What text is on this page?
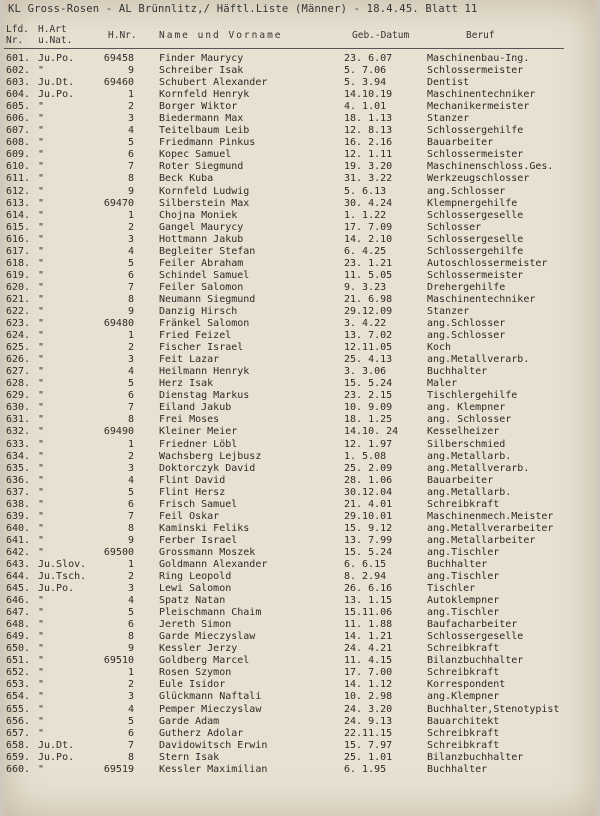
KL Gross-Rosen - AL Brünnlitz,/ Häftl.Liste (Männer) - 18.4.45. Blatt 11
Lfd.
Nr.
H.Art
u.Nat.	H.Nr. Name und Vorname	Geb.-Datum	Beruf
601. Ju.Po.	69458	Finder Maurycy	23. 6.07	Maschinenbau-Ing.
602. "	9	Schreiber Isak	5. 7.06	Schlossermeister
603. Ju.Dt.	69460	Schubert Alexander	5. 3.94	Dentist
604. Ju.Po.	1	Kornfeld Henryk	14.10.19	Maschinentechniker
605. "	2	Borger Wiktor	4. 1.01	Mechanikermeister
606. "	3	Biedermann Max	18. 1.13	Stanzer
607. "	4	Teitelbaum Leib	12. 8.13	Schlossergehilfe
608. "	5	Friedmann Pinkus	16. 2.16	Bauarbeiter
609. "	6	Kopec Samuel	12. 1.11	Schlossermeister
610. "	7	Roter Siegmund	19. 3.20	Maschinenschloss.Ges.
611. "	8	Beck Kuba	31. 3.22	Werkzeugschlosser
612. "	9	Kornfeld Ludwig	5. 6.13	ang.Schlosser
613. "	69470	Silberstein Max	30. 4.24	Klempnergehilfe
614. "	1	Chojna Moniek	1. 1.22	Schlossergeselle
615. "	2	Gangel Maurycy	17. 7.09	Schlosser
616. "	3	Hottmann Jakub	14. 2.10	Schlossergeselle
617. "	4	Begleiter Stefan	6. 4.25	Schlossergehilfe
618. "	5	Feiler Abraham	23. 1.21	Autoschlossermeister
619. "	6	Schindel Samuel	11. 5.05	Schlossermeister
620. "	7	Feiler Salomon	9. 3.23	Drehergehilfe
621. "	8	Neumann Siegmund	21. 6.98	Maschinentechniker
622. "	9	Danzig Hirsch	29.12.09	Stanzer
623. "	69480	Fränkel Salomon	3. 4.22	ang.Schlosser
624. "	1	Fried Feizel	13. 7.02	ang.Schlosser
625. "	2	Fischer Israel	12.11.05	Koch
626. "	3	Feit Lazar	25. 4.13	ang.Metallverarb.
627. "	4	Heilmann Henryk	3. 3.06	Buchhalter
628. "	5	Herz Isak	15. 5.24	Maler
629. "	6	Dienstag Markus	23. 2.15	Tischlergehilfe
630. "	7	Eiland Jakub	10. 9.09	ang. Klempner
631. "	8	Frei Moses	18. 1.25	ang. Schlosser
632. "	69490	Kleiner Meier	14.10. 24	Kesselheizer
633. "	1	Friedner Löbl	12. 1.97	Silberschmied
634. "	2	Wachsberg Lejbusz	1. 5.08	ang.Metallarb.
635. "	3	Doktorczyk David	25. 2.09	ang.Metallverarb.
636. "	4	Flint David	28. 1.06	Bauarbeiter
637. "	5	Flint Hersz	30.12.04	ang.Metallarb.
638. "	6	Frisch Samuel	21. 4.01	Schreibkraft
639. "	7	Feil Oskar	29.10.01	Maschinenmech.Meister
640. "	8	Kaminski Feliks	15. 9.12	ang.Metallverarbeiter
641. "	9	Ferber Israel	13. 7.99	ang.Metallarbeiter
642. "	69500	Grossmann Moszek	15. 5.24	ang.Tischler
643. Ju.Slov.	1	Goldmann Alexander	6. 6.15	Buchhalter
644. Ju.Tsch.	2	Ring Leopold	8. 2.94	ang.Tischler
645. Ju.Po.	3	Lewi Salomon	26. 6.16	Tischler
646. "	4	Spatz Natan	13. 1.15	Autoklempner
647. "	5	Pleischmann Chaim	15.11.06	ang.Tischler
648. "	6	Jereth Simon	11. 1.88	Baufacharbeiter
649. "	8	Garde Mieczyslaw	14. 1.21	Schlossergeselle
650. "	9	Kessler Jerzy	24. 4.21	Schreibkraft
651. "	69510	Goldberg Marcel	11. 4.15	Bilanzbuchhalter
652. "	1	Rosen Szymon	17. 7.00	Schreibkraft
653. "	2	Eule Isidor	14. 1.12	Korrespondent
654. "	3	Glückmann Naftali	10. 2.98	ang.Klempner
655. "	4	Pemper Mieczyslaw	24. 3.20	Buchhalter,Stenotypist
656. "	5	Garde Adam	24. 9.13	Bauarchitekt
657. "	6	Gutherz Adolar	22.11.15	Schreibkraft
658. Ju.Dt.	7	Davidowitsch Erwin	15. 7.97	Schreibkraft
659. Ju.Po.	8	Stern Isak	25. 1.01	Bilanzbuchhalter
660. "	69519	Kessler Maximilian	6. 1.95	Buchhalter
